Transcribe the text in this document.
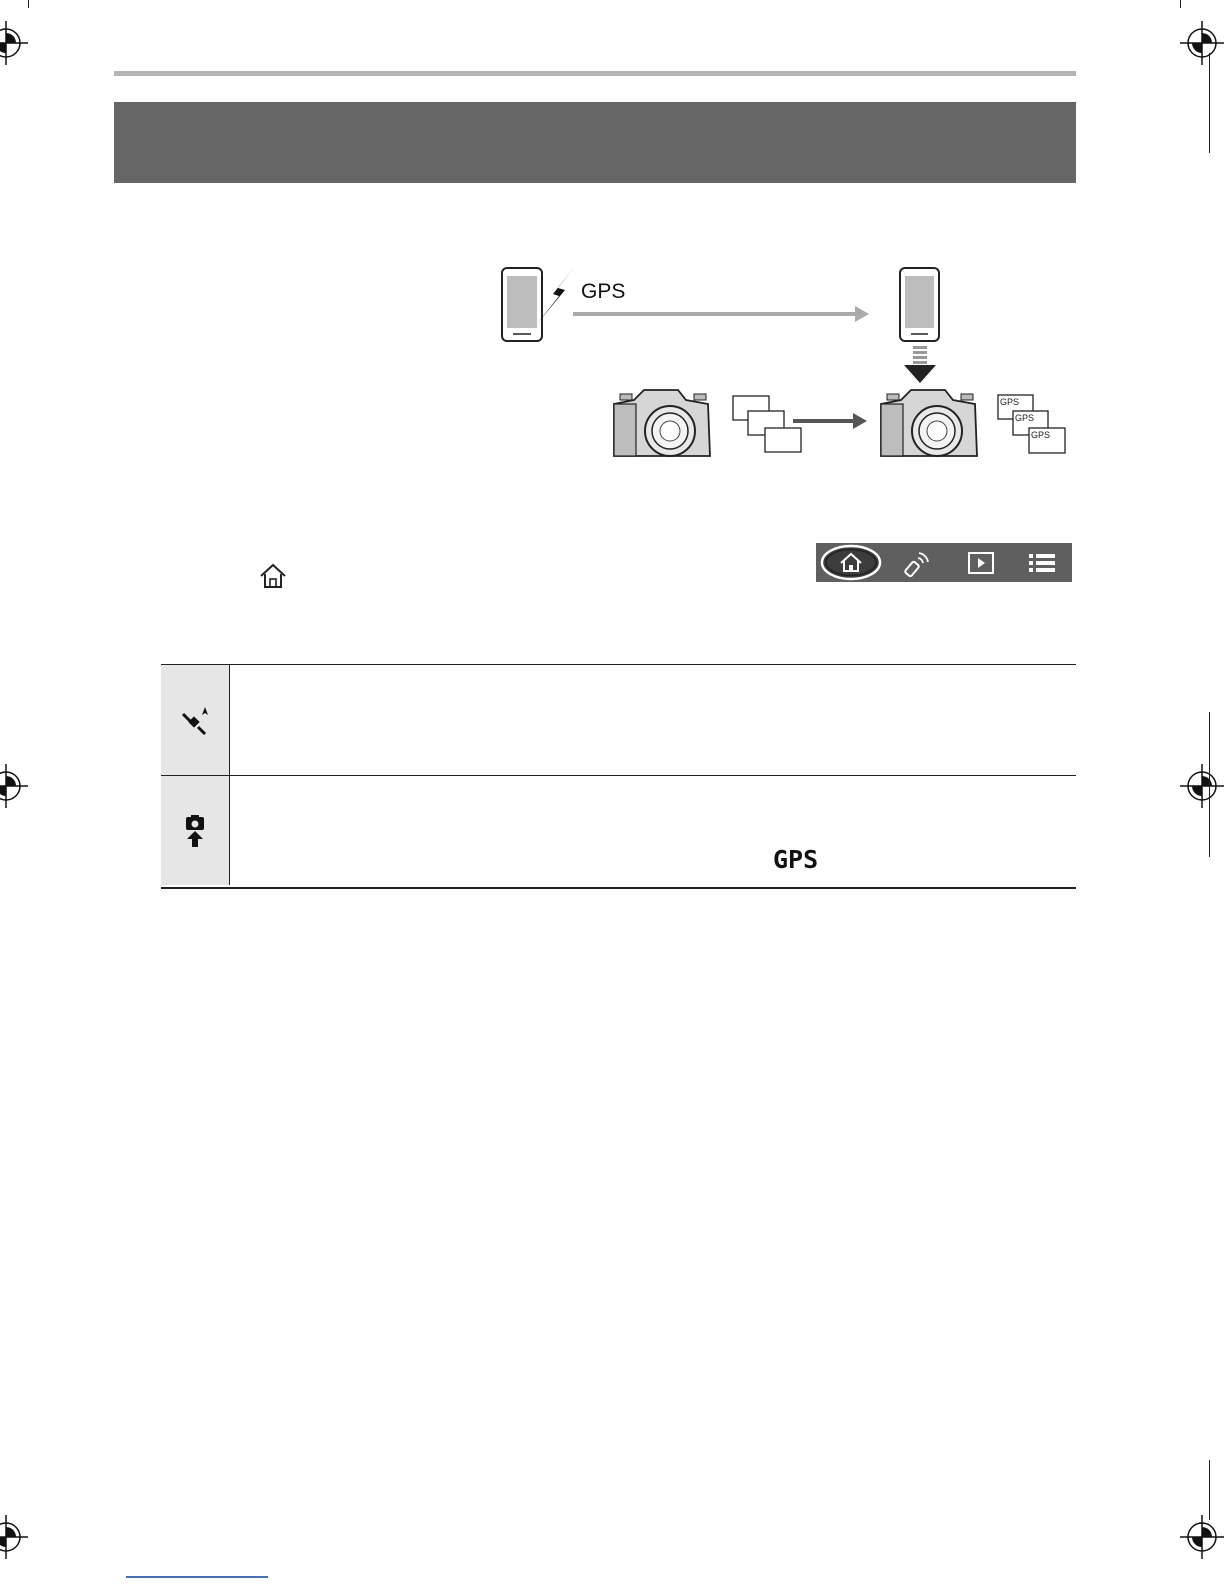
GPS
GPS
GPS
GPS
GPS
